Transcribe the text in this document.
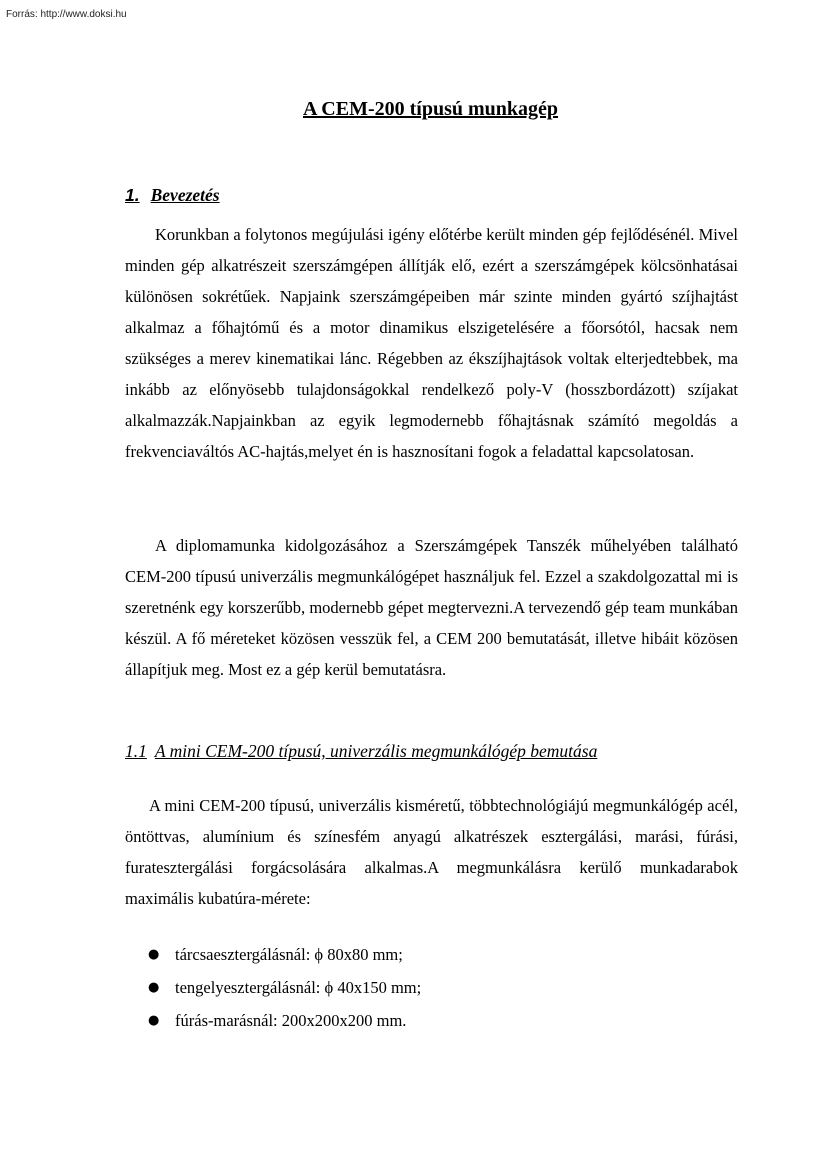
Forrás: http://www.doksi.hu
A CEM-200 típusú munkagép
1. Bevezetés

Korunkban a folytonos megújulási igény előtérbe került minden gép fejlődésénél. Mivel minden gép alkatrészeit szerszámgépen állítják elő, ezért a szerszámgépek kölcsönhatásai különösen sokrétűek. Napjaink szerszámgépeiben már szinte minden gyártó szíjhajtást alkalmaz a főhajtómű és a motor dinamikus elszigetelésére a főorsótól, hacsak nem szükséges a merev kinematikai lánc. Régebben az ékszíjhajtások voltak elterjedtebbek, ma inkább az előnyösebb tulajdonságokkal rendelkező poly-V (hosszbordázott) szíjakat alkalmazzák.Napjainkban az egyik legmodernebb főhajtásnak számító megoldás a frekvenciaváltós AC-hajtás,melyet én is hasznosítani fogok a feladattal kapcsolatosan.

A diplomamunka kidolgozásához a Szerszámgépek Tanszék műhelyében található CEM-200 típusú univerzális megmunkálógépet használjuk fel. Ezzel a szakdolgozattal mi is szeretnénk egy korszerűbb, modernebb gépet megtervezni.A tervezendő gép team munkában készül. A fő méreteket közösen vesszük fel, a CEM 200 bemutatását, illetve hibáit közösen állapítjuk meg. Most ez a gép kerül bemutatásra.

1.1 A mini CEM-200 típusú, univerzális megmunkálógép bemutása

A mini CEM-200 típusú, univerzális kisméretű, többtechnológiájú megmunkálógép acél, öntöttvas, alumínium és színesfém anyagú alkatrészek esztergálási, marási, fúrási, furatesztergálási forgácsolására alkalmas.A megmunkálásra kerülő munkadarabok maximális kubatúra-mérete:

● tárcsaesztergálásnál: ϕ 80x80 mm;
● tengelyesztergálásnál: ϕ 40x150 mm;
● fúrás-marásnál: 200x200x200 mm.
